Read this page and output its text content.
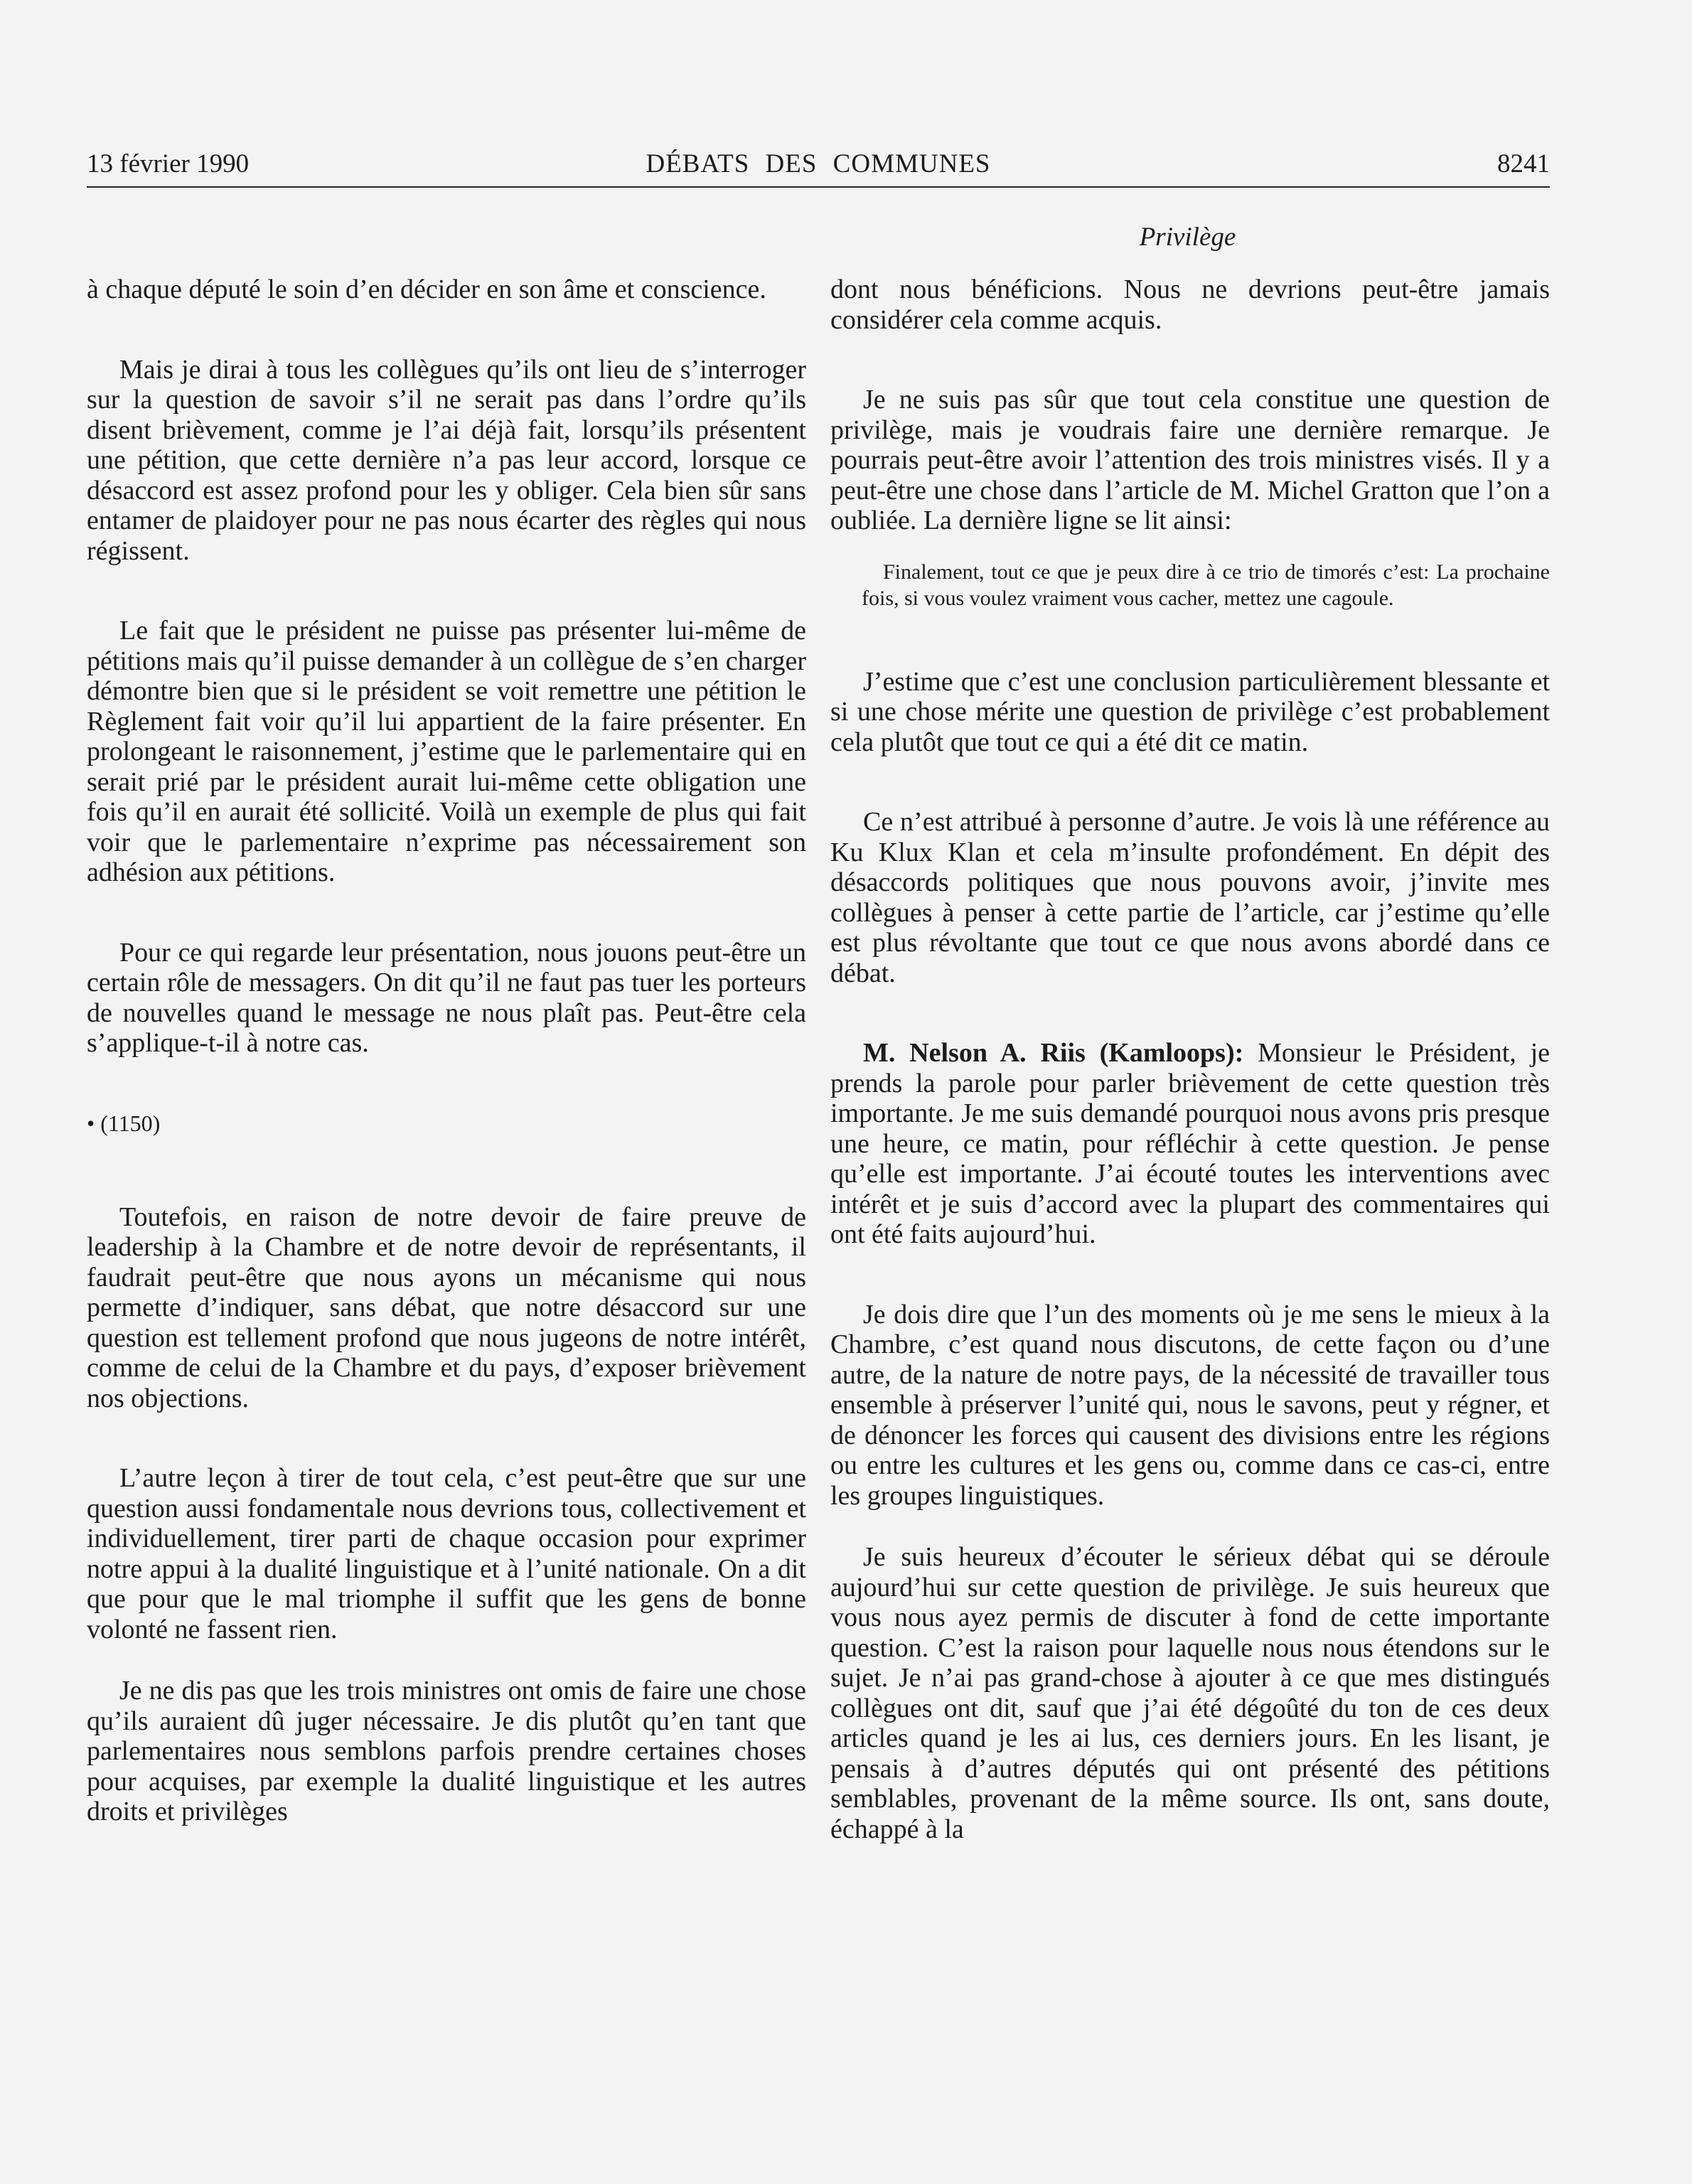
13 février 1990	DÉBATS DES COMMUNES	8241
Privilège

à chaque député le soin d’en décider en son âme et conscience.

Mais je dirai à tous les collègues qu’ils ont lieu de s’interroger sur la question de savoir s’il ne serait pas dans l’ordre qu’ils disent brièvement, comme je l’ai déjà fait, lorsqu’ils présentent une pétition, que cette dernière n’a pas leur accord, lorsque ce désaccord est assez profond pour les y obliger. Cela bien sûr sans entamer de plaidoyer pour ne pas nous écarter des règles qui nous régissent.

Le fait que le président ne puisse pas présenter lui-même de pétitions mais qu’il puisse demander à un collègue de s’en charger démontre bien que si le président se voit remettre une pétition le Règlement fait voir qu’il lui appartient de la faire présenter. En prolongeant le raisonnement, j’estime que le parlementaire qui en serait prié par le président aurait lui-même cette obligation une fois qu’il en aurait été sollicité. Voilà un exemple de plus qui fait voir que le parlementaire n’exprime pas nécessairement son adhésion aux pétitions.

Pour ce qui regarde leur présentation, nous jouons peut-être un certain rôle de messagers. On dit qu’il ne faut pas tuer les porteurs de nouvelles quand le message ne nous plaît pas. Peut-être cela s’applique-t-il à notre cas.

• (1150)

Toutefois, en raison de notre devoir de faire preuve de leadership à la Chambre et de notre devoir de représentants, il faudrait peut-être que nous ayons un mécanisme qui nous permette d’indiquer, sans débat, que notre désaccord sur une question est tellement profond que nous jugeons de notre intérêt, comme de celui de la Chambre et du pays, d’exposer brièvement nos objections.

L’autre leçon à tirer de tout cela, c’est peut-être que sur une question aussi fondamentale nous devrions tous, collectivement et individuellement, tirer parti de chaque occasion pour exprimer notre appui à la dualité linguistique et à l’unité nationale. On a dit que pour que le mal triomphe il suffit que les gens de bonne volonté ne fassent rien.

Je ne dis pas que les trois ministres ont omis de faire une chose qu’ils auraient dû juger nécessaire. Je dis plutôt qu’en tant que parlementaires nous semblons parfois prendre certaines choses pour acquises, par exemple la dualité linguistique et les autres droits et privilèges

dont nous bénéficions. Nous ne devrions peut-être jamais considérer cela comme acquis.

Je ne suis pas sûr que tout cela constitue une question de privilège, mais je voudrais faire une dernière remarque. Je pourrais peut-être avoir l’attention des trois ministres visés. Il y a peut-être une chose dans l’article de M. Michel Gratton que l’on a oubliée. La dernière ligne se lit ainsi:

Finalement, tout ce que je peux dire à ce trio de timorés c’est: La prochaine fois, si vous voulez vraiment vous cacher, mettez une cagoule.

J’estime que c’est une conclusion particulièrement blessante et si une chose mérite une question de privilège c’est probablement cela plutôt que tout ce qui a été dit ce matin.

Ce n’est attribué à personne d’autre. Je vois là une référence au Ku Klux Klan et cela m’insulte profondément. En dépit des désaccords politiques que nous pouvons avoir, j’invite mes collègues à penser à cette partie de l’article, car j’estime qu’elle est plus révoltante que tout ce que nous avons abordé dans ce débat.

M. Nelson A. Riis (Kamloops): Monsieur le Président, je prends la parole pour parler brièvement de cette question très importante. Je me suis demandé pourquoi nous avons pris presque une heure, ce matin, pour réfléchir à cette question. Je pense qu’elle est importante. J’ai écouté toutes les interventions avec intérêt et je suis d’accord avec la plupart des commentaires qui ont été faits aujourd’hui.

Je dois dire que l’un des moments où je me sens le mieux à la Chambre, c’est quand nous discutons, de cette façon ou d’une autre, de la nature de notre pays, de la nécessité de travailler tous ensemble à préserver l’unité qui, nous le savons, peut y régner, et de dénoncer les forces qui causent des divisions entre les régions ou entre les cultures et les gens ou, comme dans ce cas-ci, entre les groupes linguistiques.

Je suis heureux d’écouter le sérieux débat qui se déroule aujourd’hui sur cette question de privilège. Je suis heureux que vous nous ayez permis de discuter à fond de cette importante question. C’est la raison pour laquelle nous nous étendons sur le sujet. Je n’ai pas grand-chose à ajouter à ce que mes distingués collègues ont dit, sauf que j’ai été dégoûté du ton de ces deux articles quand je les ai lus, ces derniers jours. En les lisant, je pensais à d’autres députés qui ont présenté des pétitions semblables, provenant de la même source. Ils ont, sans doute, échappé à la
